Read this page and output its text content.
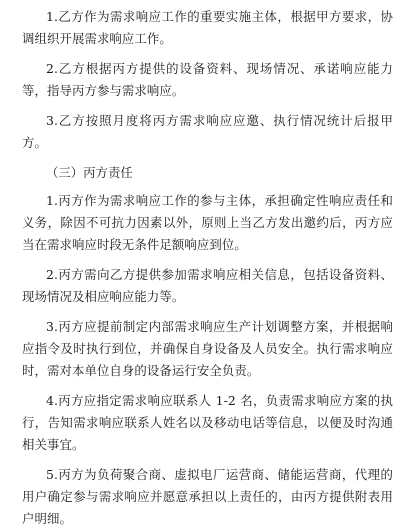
1.乙方作为需求响应工作的重要实施主体，根据甲方要求，协调组织开展需求响应工作。

2.乙方根据丙方提供的设备资料、现场情况、承诺响应能力等，指导丙方参与需求响应。

3.乙方按照月度将丙方需求响应应邀、执行情况统计后报甲方。

（三）丙方责任

1.丙方作为需求响应工作的参与主体，承担确定性响应责任和义务，除因不可抗力因素以外，原则上当乙方发出邀约后，丙方应当在需求响应时段无条件足额响应到位。

2.丙方需向乙方提供参加需求响应相关信息，包括设备资料、现场情况及相应响应能力等。

3.丙方应提前制定内部需求响应生产计划调整方案，并根据响应指令及时执行到位，并确保自身设备及人员安全。执行需求响应时，需对本单位自身的设备运行安全负责。

4.丙方应指定需求响应联系人 1-2 名，负责需求响应方案的执行，告知需求响应联系人姓名以及移动电话等信息，以便及时沟通相关事宜。

5.丙方为负荷聚合商、虚拟电厂运营商、储能运营商，代理的用户确定参与需求响应并愿意承担以上责任的，由丙方提供附表用户明细。
